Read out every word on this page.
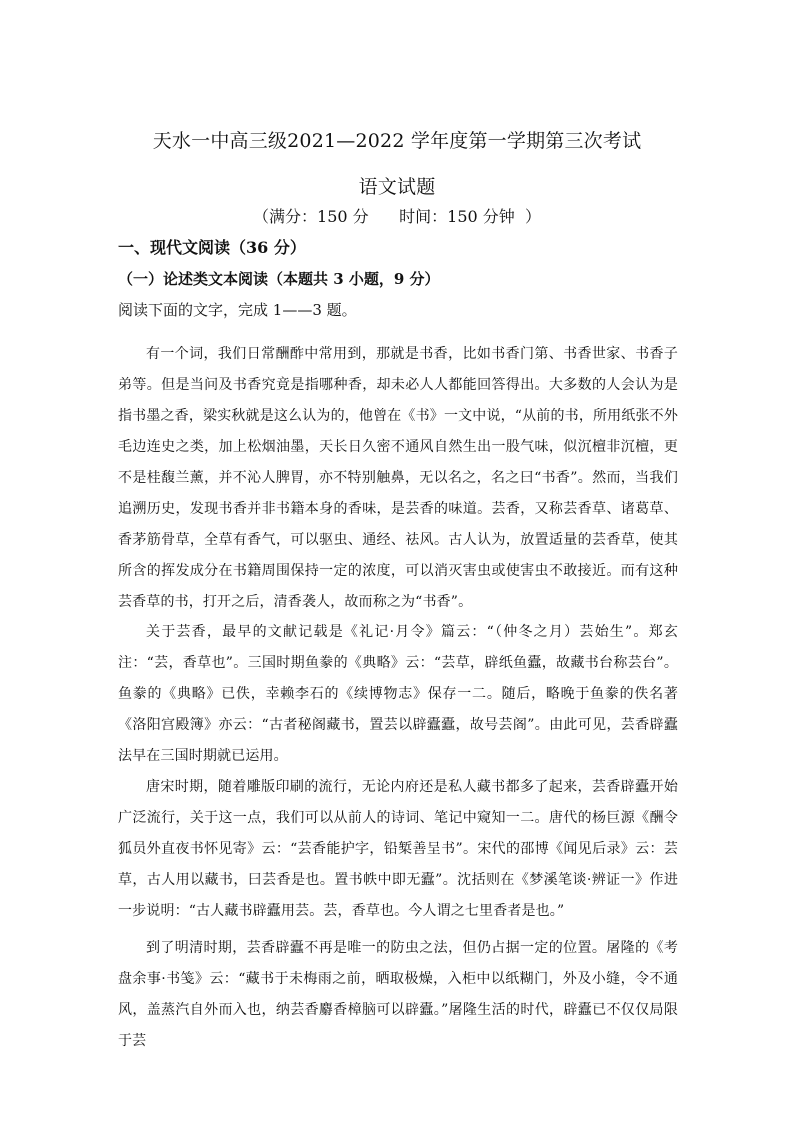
天水一中高三级2021—2022 学年度第一学期第三次考试
语文试题
（满分：150 分      时间：150 分钟  ）
一、现代文阅读（36 分）
（一）论述类文本阅读（本题共 3 小题，9 分）
阅读下面的文字，完成 1——3 题。

有一个词，我们日常酬酢中常用到，那就是书香，比如书香门第、书香世家、书香子弟等。但是当问及书香究竟是指哪种香，却未必人人都能回答得出。大多数的人会认为是指书墨之香，梁实秋就是这么认为的，他曾在《书》一文中说，“从前的书，所用纸张不外毛边连史之类，加上松烟油墨，天长日久密不通风自然生出一股气味，似沉檀非沉檀，更不是桂馥兰薰，并不沁人脾胃，亦不特别触鼻，无以名之，名之曰“书香”。然而，当我们追溯历史，发现书香并非书籍本身的香味，是芸香的味道。芸香，又称芸香草、诸葛草、香茅筋骨草，全草有香气，可以驱虫、通经、祛风。古人认为，放置适量的芸香草，使其所含的挥发成分在书籍周围保持一定的浓度，可以消灭害虫或使害虫不敢接近。而有这种芸香草的书，打开之后，清香袭人，故而称之为“书香”。

关于芸香，最早的文献记载是《礼记·月令》篇云：“（仲冬之月）芸始生”。郑玄注：“芸，香草也”。三国时期鱼豢的《典略》云：“芸草，辟纸鱼蠹，故藏书台称芸台”。鱼豢的《典略》已佚，幸赖李石的《续博物志》保存一二。随后，略晚于鱼豢的佚名著《洛阳宫殿簿》亦云：“古者秘阁藏书，置芸以辟蠹蠹，故号芸阁”。由此可见，芸香辟蠹法早在三国时期就已运用。

唐宋时期，随着雕版印刷的流行，无论内府还是私人藏书都多了起来，芸香辟蠹开始广泛流行，关于这一点，我们可以从前人的诗词、笔记中窥知一二。唐代的杨巨源《酬令狐员外直夜书怀见寄》云：“芸香能护字，铅椠善呈书”。宋代的邵博《闻见后录》云：芸草，古人用以藏书，曰芸香是也。置书帙中即无蠹”。沈括则在《梦溪笔谈·辨证一》作进一步说明：“古人藏书辟蠹用芸。芸，香草也。今人谓之七里香者是也。”

到了明清时期，芸香辟蠹不再是唯一的防虫之法，但仍占据一定的位置。屠隆的《考盘余事·书笺》云：“藏书于未梅雨之前，晒取极燥，入柜中以纸糊门，外及小缝，令不通风，盖蒸汽自外而入也，纳芸香麝香樟脑可以辟蠹。”屠隆生活的时代，辟蠹已不仅仅局限于芸
